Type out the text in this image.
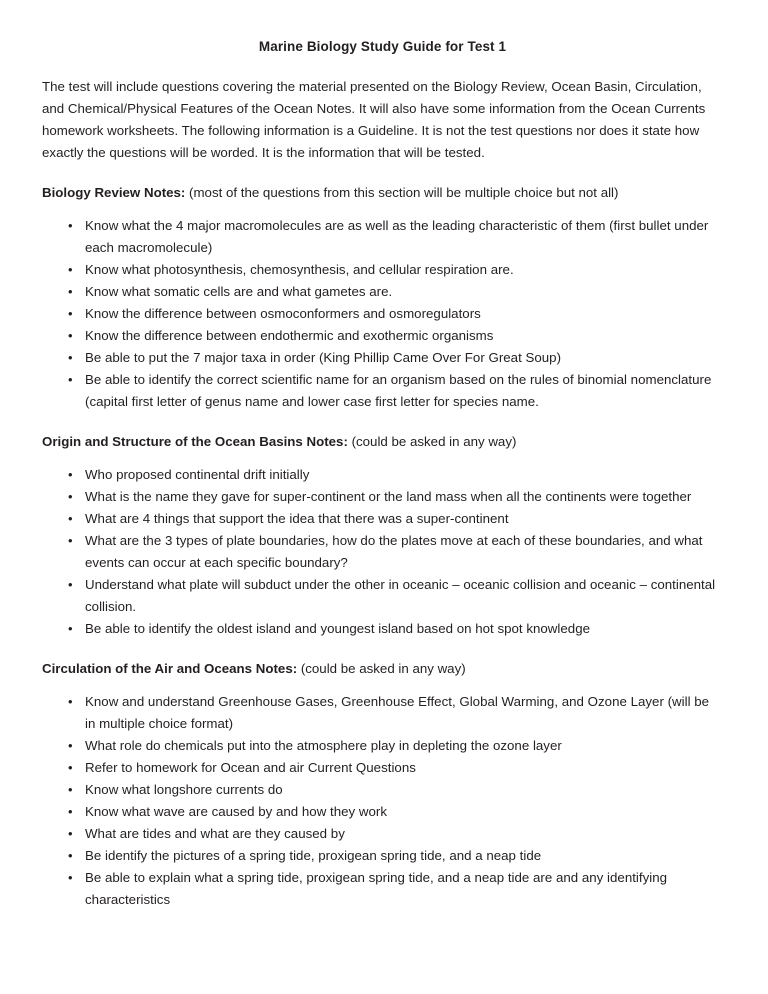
Marine Biology Study Guide for Test 1

The test will include questions covering the material presented on the Biology Review, Ocean Basin, Circulation, and Chemical/Physical Features of the Ocean Notes. It will also have some information from the Ocean Currents homework worksheets. The following information is a Guideline. It is not the test questions nor does it state how exactly the questions will be worded. It is the information that will be tested.

Biology Review Notes: (most of the questions from this section will be multiple choice but not all)

• Know what the 4 major macromolecules are as well as the leading characteristic of them (first bullet under each macromolecule)
• Know what photosynthesis, chemosynthesis, and cellular respiration are.
• Know what somatic cells are and what gametes are.
• Know the difference between osmoconformers and osmoregulators
• Know the difference between endothermic and exothermic organisms
• Be able to put the 7 major taxa in order (King Phillip Came Over For Great Soup)
• Be able to identify the correct scientific name for an organism based on the rules of binomial nomenclature (capital first letter of genus name and lower case first letter for species name.

Origin and Structure of the Ocean Basins Notes: (could be asked in any way)

• Who proposed continental drift initially
• What is the name they gave for super-continent or the land mass when all the continents were together
• What are 4 things that support the idea that there was a super-continent
• What are the 3 types of plate boundaries, how do the plates move at each of these boundaries, and what events can occur at each specific boundary?
• Understand what plate will subduct under the other in oceanic – oceanic collision and oceanic – continental collision.
• Be able to identify the oldest island and youngest island based on hot spot knowledge

Circulation of the Air and Oceans Notes: (could be asked in any way)

• Know and understand Greenhouse Gases, Greenhouse Effect, Global Warming, and Ozone Layer (will be in multiple choice format)
• What role do chemicals put into the atmosphere play in depleting the ozone layer
• Refer to homework for Ocean and air Current Questions
• Know what longshore currents do
• Know what wave are caused by and how they work
• What are tides and what are they caused by
• Be identify the pictures of a spring tide, proxigean spring tide, and a neap tide
• Be able to explain what a spring tide, proxigean spring tide, and a neap tide are and any identifying characteristics
